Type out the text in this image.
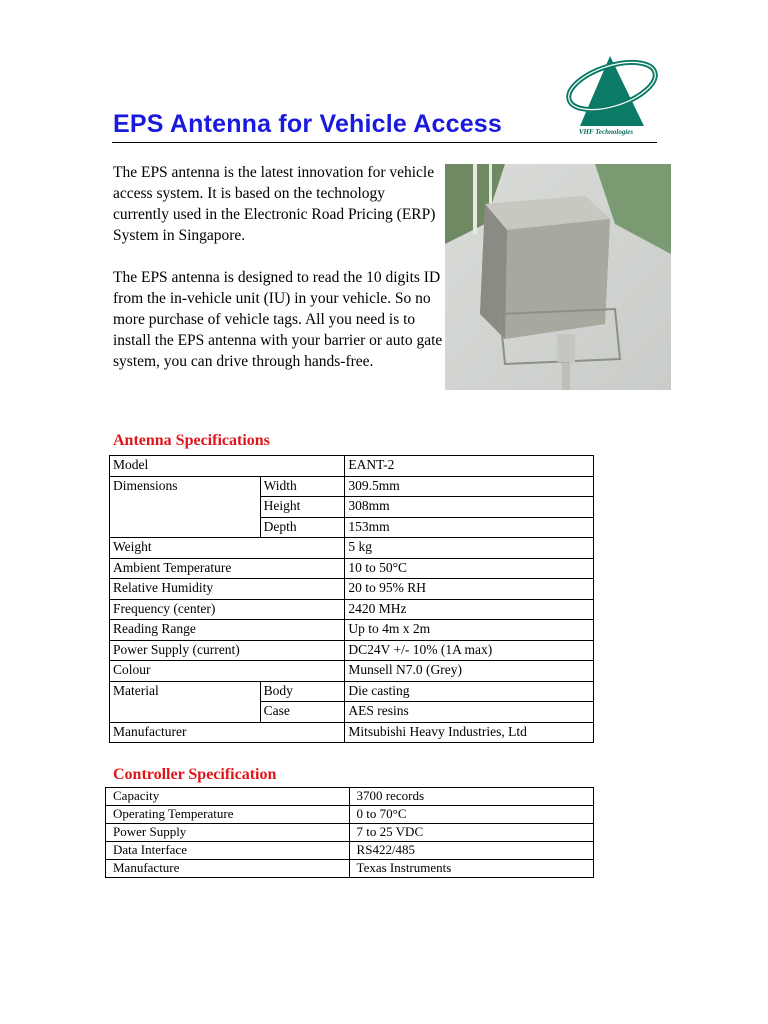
VHF Technologies
EPS Antenna for Vehicle Access

The EPS antenna is the latest innovation for vehicle access system. It is based on the technology currently used in the Electronic Road Pricing (ERP) System in Singapore.

The EPS antenna is designed to read the 10 digits ID from the in-vehicle unit (IU) in your vehicle. So no more purchase of vehicle tags. All you need is to install the EPS antenna with your barrier or auto gate system, you can drive through hands-free.

Antenna Specifications
Model		EANT-2
Dimensions	Width	309.5mm
	Height	308mm
	Depth	153mm
Weight		5 kg
Ambient Temperature		10 to 50°C
Relative Humidity		20 to 95% RH
Frequency (center)		2420 MHz
Reading Range		Up to 4m x 2m
Power Supply (current)		DC24V +/- 10% (1A max)
Colour		Munsell N7.0 (Grey)
Material	Body	Die casting
	Case	AES resins
Manufacturer		Mitsubishi Heavy Industries, Ltd
Controller Specification
Capacity	3700 records
Operating Temperature	0 to 70°C
Power Supply	7 to 25 VDC
Data Interface	RS422/485
Manufacture	Texas Instruments
